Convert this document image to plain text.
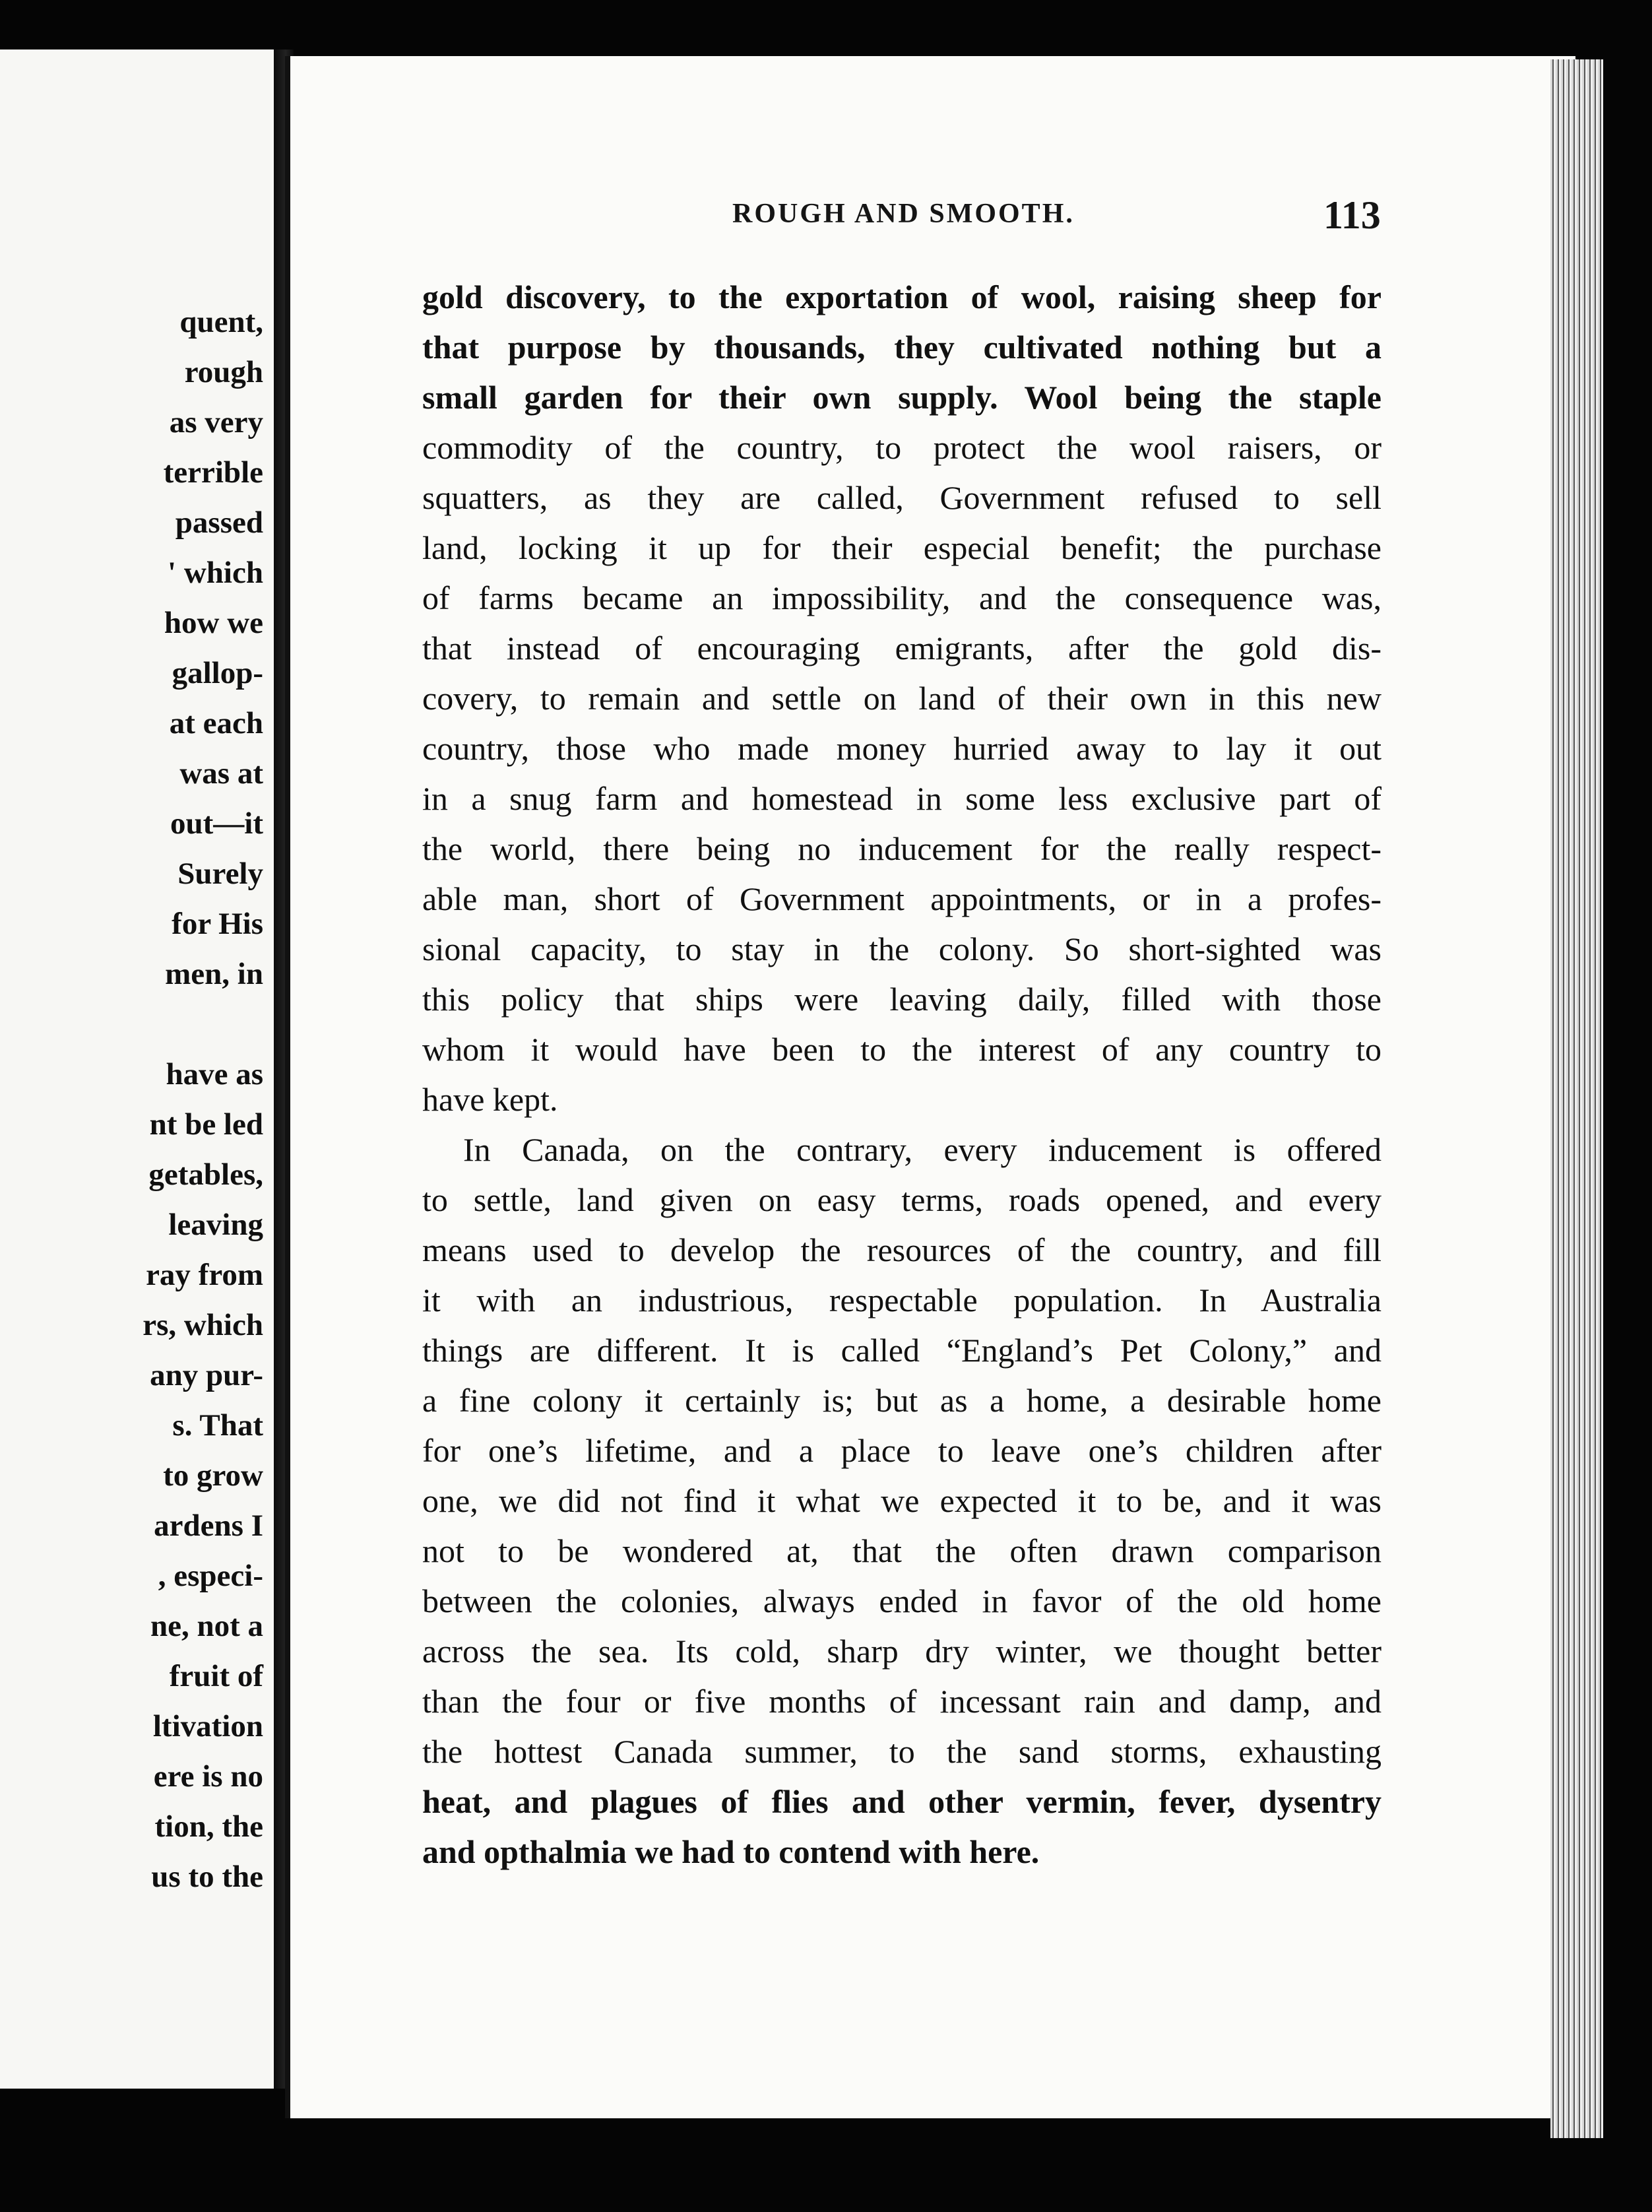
quent,
rough
as very
terrible
passed
' which
how we
gallop-
at each
was at
out—it
Surely
for His
men, in
have as
nt be led
getables,
leaving
ray from
rs, which
any pur-
s. That
to grow
ardens I
, especi-
ne, not a
fruit of
ltivation
ere is no
tion, the
us to the
ROUGH AND SMOOTH.	113
gold discovery, to the exportation of wool, raising sheep for
that purpose by thousands, they cultivated nothing but a
small garden for their own supply. Wool being the staple
commodity of the country, to protect the wool raisers, or
squatters, as they are called, Government refused to sell
land, locking it up for their especial benefit; the purchase
of farms became an impossibility, and the consequence was,
that instead of encouraging emigrants, after the gold dis-
covery, to remain and settle on land of their own in this new
country, those who made money hurried away to lay it out
in a snug farm and homestead in some less exclusive part of
the world, there being no inducement for the really respect-
able man, short of Government appointments, or in a profes-
sional capacity, to stay in the colony. So short-sighted was
this policy that ships were leaving daily, filled with those
whom it would have been to the interest of any country to
have kept.
In Canada, on the contrary, every inducement is offered
to settle, land given on easy terms, roads opened, and every
means used to develop the resources of the country, and fill
it with an industrious, respectable population. In Australia
things are different. It is called “England’s Pet Colony,” and
a fine colony it certainly is; but as a home, a desirable home
for one’s lifetime, and a place to leave one’s children after
one, we did not find it what we expected it to be, and it was
not to be wondered at, that the often drawn comparison
between the colonies, always ended in favor of the old home
across the sea. Its cold, sharp dry winter, we thought better
than the four or five months of incessant rain and damp, and
the hottest Canada summer, to the sand storms, exhausting
heat, and plagues of flies and other vermin, fever, dysentry
and opthalmia we had to contend with here.
